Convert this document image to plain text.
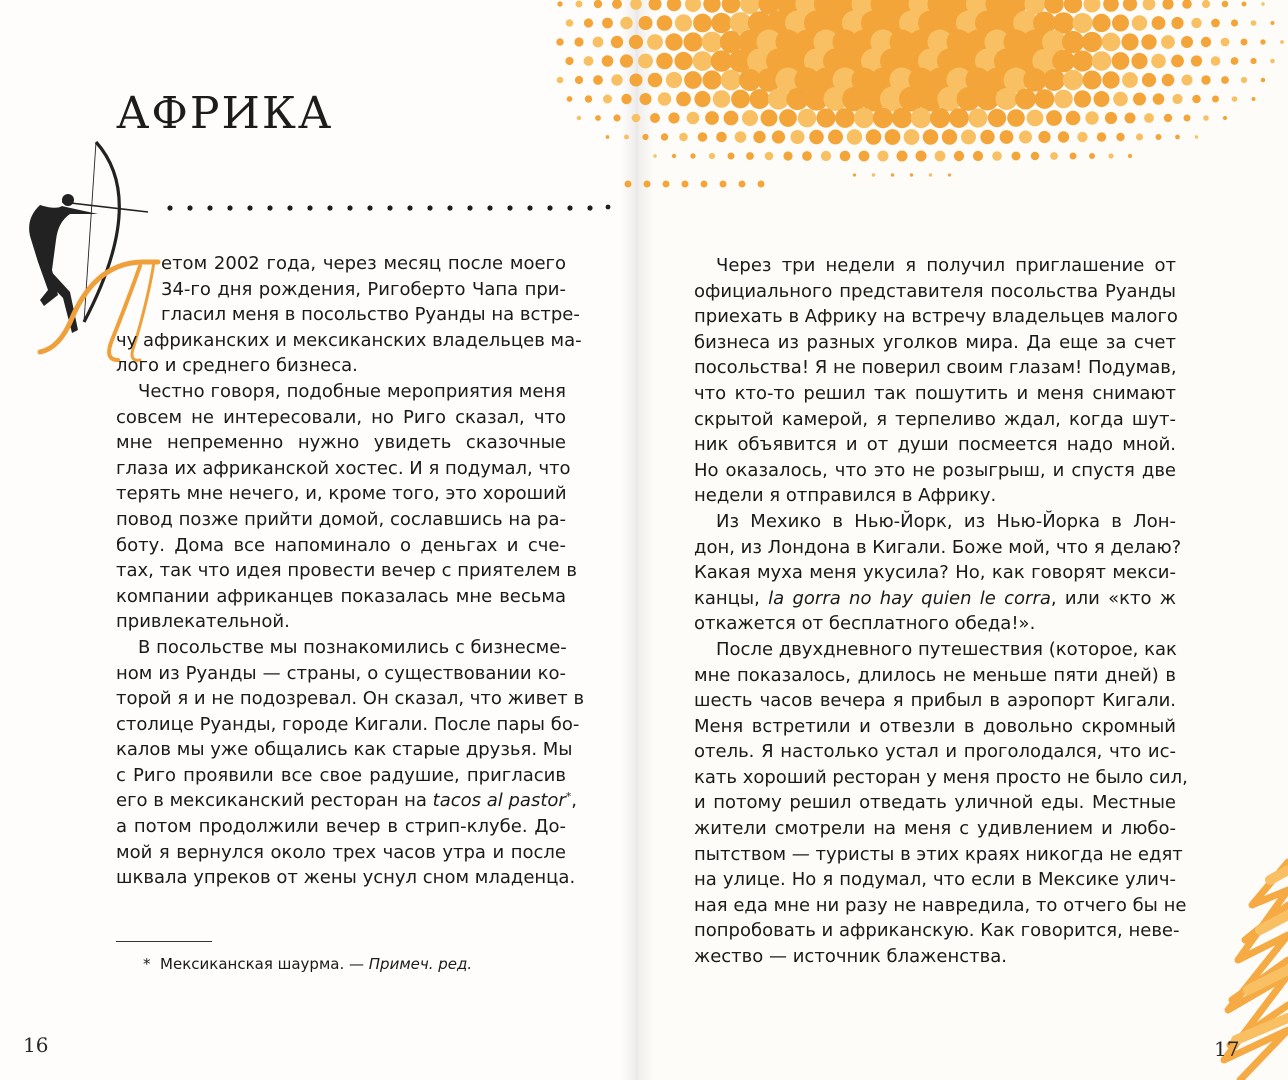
АФРИКА

етом 2002 года, через месяц после моего

34-го дня рождения, Ригоберто Чапа при-

гласил меня в посольство Руанды на встре-

чу африканских и мексиканских владельцев ма-

лого и среднего бизнеса.

Честно говоря, подобные мероприятия меня

совсем не интересовали, но Риго сказал, что

мне непременно нужно увидеть сказочные

глаза их африканской хостес. И я подумал, что

терять мне нечего, и, кроме того, это хороший

повод позже прийти домой, сославшись на ра-

боту. Дома все напоминало о деньгах и сче-

тах, так что идея провести вечер с приятелем в

компании африканцев показалась мне весьма

привлекательной.

В посольстве мы познакомились с бизнесме-

ном из Руанды — страны, о существовании ко-

торой я и не подозревал. Он сказал, что живет в

столице Руанды, городе Кигали. После пары бо-

калов мы уже общались как старые друзья. Мы

с Риго проявили все свое радушие, пригласив

его в мексиканский ресторан на tacos al pastor*,

а потом продолжили вечер в стрип-клубе. До-

мой я вернулся около трех часов утра и после

шквала упреков от жены уснул сном младенца.

* Мексиканская шаурма. — Примеч. ред.

16

Через три недели я получил приглашение от

официального представителя посольства Руанды

приехать в Африку на встречу владельцев малого

бизнеса из разных уголков мира. Да еще за счет

посольства! Я не поверил своим глазам! Подумав,

что кто-то решил так пошутить и меня снимают

скрытой камерой, я терпеливо ждал, когда шут-

ник объявится и от души посмеется надо мной.

Но оказалось, что это не розыгрыш, и спустя две

недели я отправился в Африку.

Из Мехико в Нью-Йорк, из Нью-Йорка в Лон-

дон, из Лондона в Кигали. Боже мой, что я делаю?

Какая муха меня укусила? Но, как говорят мекси-

канцы, la gorra no hay quien le corra, или «кто ж

откажется от бесплатного обеда!».

После двухдневного путешествия (которое, как

мне показалось, длилось не меньше пяти дней) в

шесть часов вечера я прибыл в аэропорт Кигали.

Меня встретили и отвезли в довольно скромный

отель. Я настолько устал и проголодался, что ис-

кать хороший ресторан у меня просто не было сил,

и потому решил отведать уличной еды. Местные

жители смотрели на меня с удивлением и любо-

пытством — туристы в этих краях никогда не едят

на улице. Но я подумал, что если в Мексике улич-

ная еда мне ни разу не навредила, то отчего бы не

попробовать и африканскую. Как говорится, неве-

жество — источник блаженства.

17
